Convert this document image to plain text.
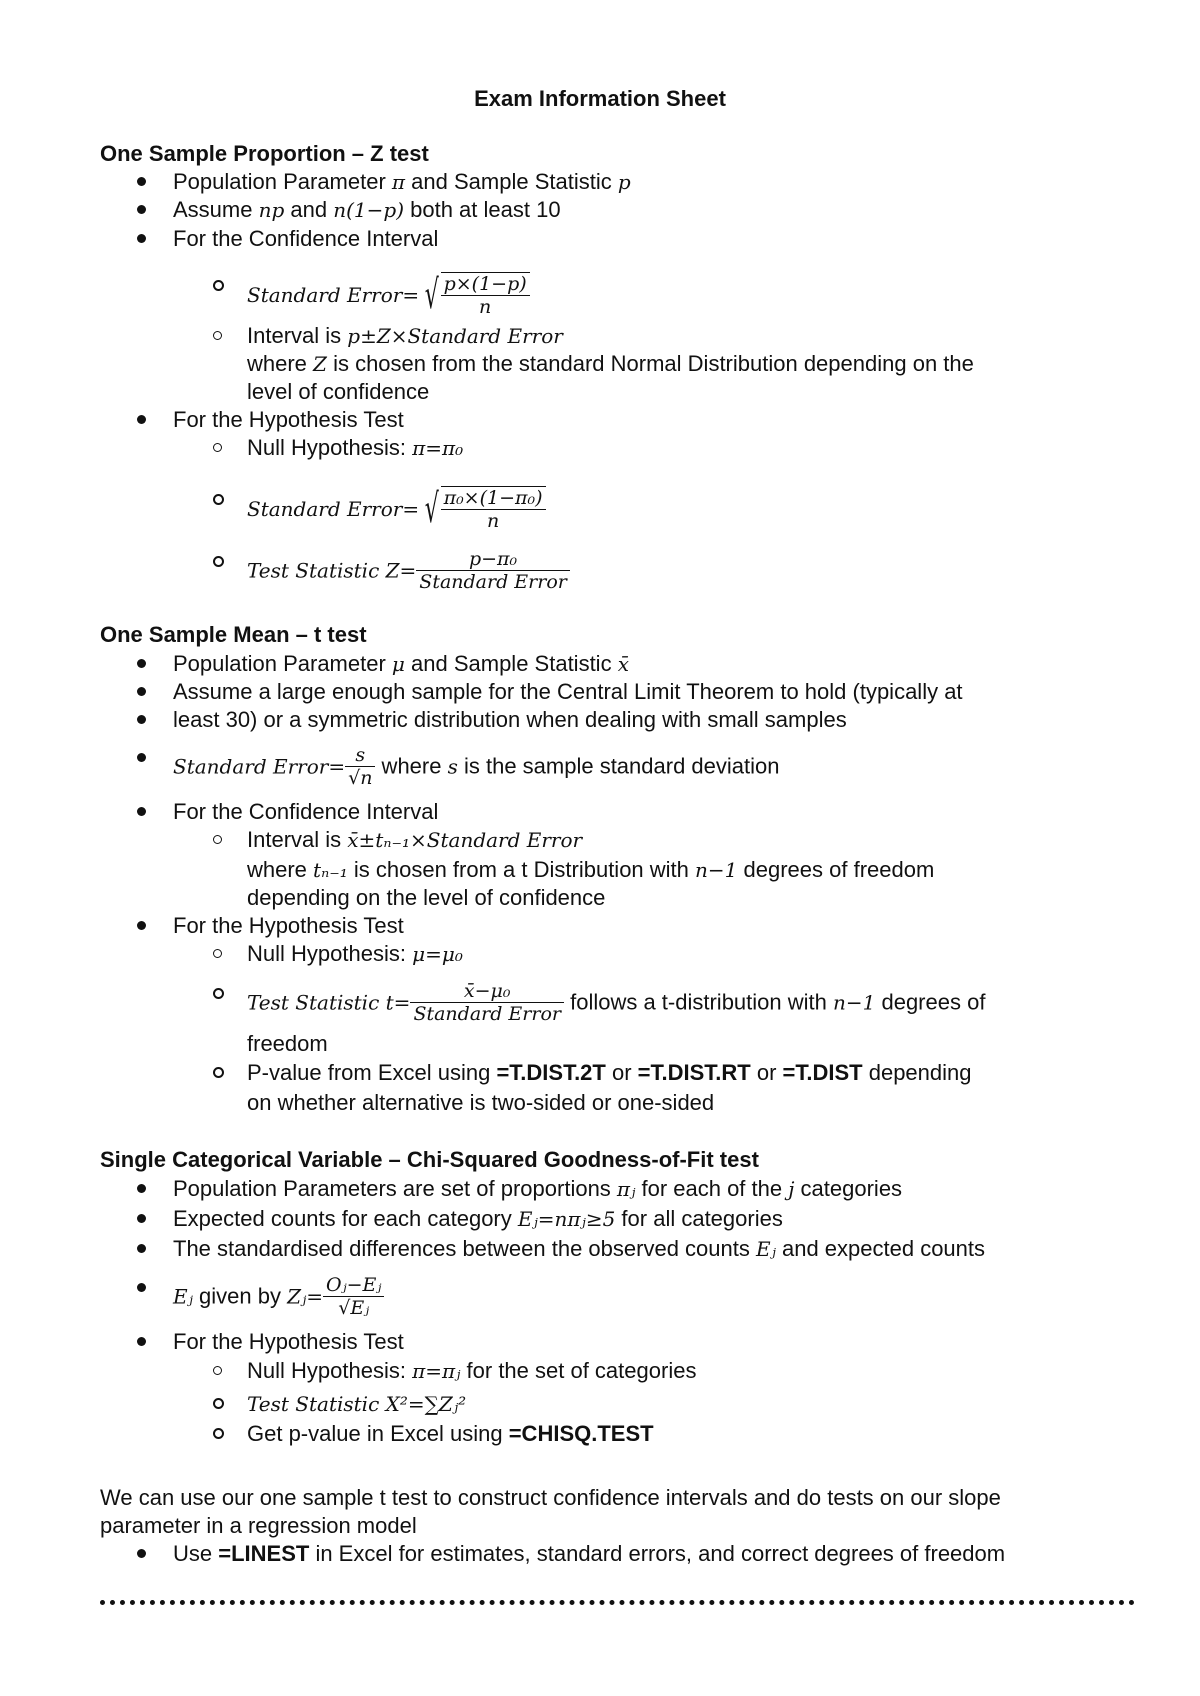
Exam Information Sheet
One Sample Proportion – Z test
Population Parameter π and Sample Statistic p
Assume np and n(1−p) both at least 10
For the Confidence Interval
Standard Error= √ $\frac{p\times(1-p)}{n}$
Interval is p±Z×Standard Error
where Z is chosen from the standard Normal Distribution depending on the
level of confidence
For the Hypothesis Test
Null Hypothesis: π=π₀
Standard Error= √ $\frac{\text{π₀×(1−π₀)}}{n}$
Test Statistic $Z= \frac{\text{p−π₀}}{\text{Standard Error}}$
One Sample Mean – t test
Population Parameter μ and Sample Statistic x̄
Assume a large enough sample for the Central Limit Theorem to hold (typically at
least 30) or a symmetric distribution when dealing with small samples
Standard Error= $\frac{s}{√n}$ where s is the sample standard deviation
For the Confidence Interval
Interval is x̄±tₙ₋₁×Standard Error
where tₙ₋₁ is chosen from a t Distribution with n−1 degrees of freedom
depending on the level of confidence
For the Hypothesis Test
Null Hypothesis: μ=μ₀
Test Statistic $t= \frac{\text{x̄−μ₀}}{\text{Standard Error}}$ follows a t-distribution with n−1 degrees of
freedom
P-value from Excel using =T.DIST.2T or =T.DIST.RT or =T.DIST depending
on whether alternative is two-sided or one-sided
Single Categorical Variable – Chi-Squared Goodness-of-Fit test
Population Parameters are set of proportions πⱼ for each of the j categories
Expected counts for each category Eⱼ=nπⱼ≥5 for all categories
The standardised differences between the observed counts Eⱼ and expected counts
Eⱼ given by Zⱼ= $\frac{\text{Oⱼ−Eⱼ}}{\text{√Eⱼ}}$
For the Hypothesis Test
Null Hypothesis: π=πⱼ for the set of categories
Test Statistic X²=∑Zⱼ²
Get p-value in Excel using =CHISQ.TEST
We can use our one sample t test to construct confidence intervals and do tests on our slope
parameter in a regression model
Use =LINEST in Excel for estimates, standard errors, and correct degrees of freedom
